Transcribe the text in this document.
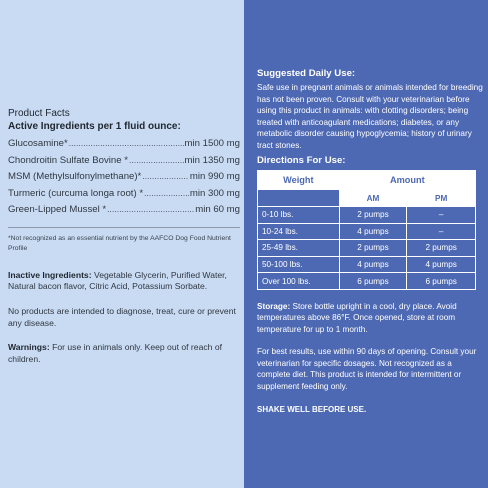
Product Facts
Active Ingredients per 1 fluid ounce:
Glucosamine* .....	min 1500 mg
Chondroitin Sulfate Bovine * .....	min 1350 mg
MSM (Methylsulfonylmethane)* .....	min 990 mg
Turmeric (curcuma longa root) * .....	min 300 mg
Green-Lipped Mussel * .....	min 60 mg
*Not recognized as an essential nutrient by the AAFCO Dog Food Nutrient Profile
Inactive Ingredients: Vegetable Glycerin, Purified Water, Natural bacon flavor, Citric Acid, Potassium Sorbate.
No products are intended to diagnose, treat, cure or prevent any disease.
Warnings: For use in animals only. Keep out of reach of children.
Suggested Daily Use:
Safe use in pregnant animals or animals intended for breeding has not been proven. Consult with your veterinarian before using this product in animals: with clotting disorders; being treated with anticoagulant medications; diabetes, or any metabolic disorder causing hypoglycemia; history of urinary tract stones.
Directions For Use:
Weight	Amount	
	AM	PM
0-10 lbs.	2 pumps	–
10-24 lbs.	4 pumps	–
25-49 lbs.	2 pumps	2 pumps
50-100 lbs.	4 pumps	4 pumps
Over 100 lbs.	6 pumps	6 pumps
Storage: Store bottle upright in a cool, dry place. Avoid temperatures above 86°F. Once opened, store at room temperature for up to 1 month.
For best results, use within 90 days of opening. Consult your veterinarian for specific dosages. Not recognized as a complete diet. This product is intended for intermittent or supplement feeding only.
SHAKE WELL BEFORE USE.
